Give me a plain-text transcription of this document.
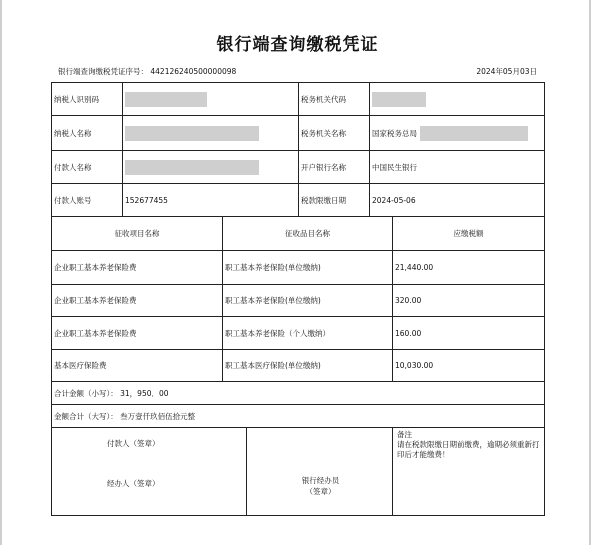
银行端查询缴税凭证
银行端查询缴税凭证序号： 442126240500000098	2024年05月03日
纳税人识别码	税务机关代码
纳税人名称	税务机关名称	国家税务总局
付款人名称	开户银行名称	中国民生银行
付款人账号	152677455	税款限缴日期	2024-05-06
征收项目名称	征收品目名称	应缴税额
企业职工基本养老保险费	职工基本养老保险(单位缴纳)	21,440.00
企业职工基本养老保险费	职工基本养老保险(单位缴纳)	320.00
企业职工基本养老保险费	职工基本养老保险（个人缴纳）	160.00
基本医疗保险费	职工基本医疗保险(单位缴纳)	10,030.00
合计金额（小写）： 31，950．00
金额合计（大写）： 叁万壹仟玖佰伍拾元整
付款人（签章）
经办人（签章）	银行经办员
（签章）
备注
请在税款限缴日期前缴费，逾期必须重新打印后才能缴费！
